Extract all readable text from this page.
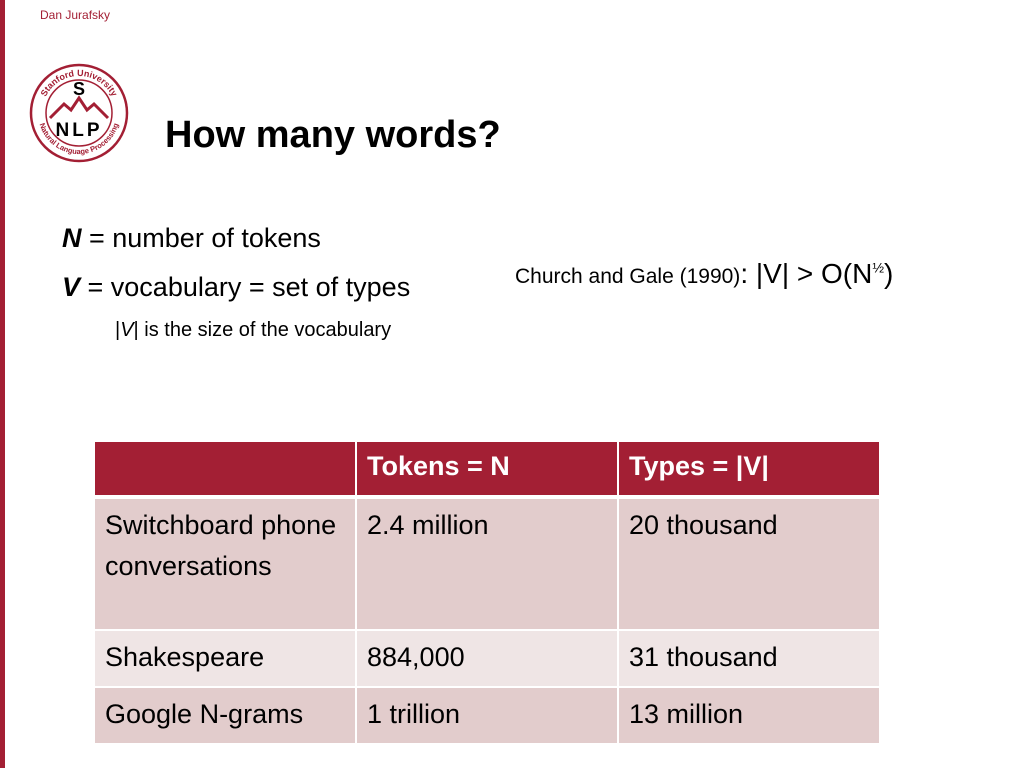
Dan Jurafsky
Stanford University
Natural Language Processing
S
NLP How many words?
N = number of tokens
V = vocabulary = set of types
|V| is the size of the vocabulary
Church and Gale (1990): $|V| > O(N^{\frac{1}{2}})$
	Tokens = N	Types = |V|
Switchboard phone conversations	2.4 million	20 thousand
Shakespeare	884,000	31 thousand
Google N-grams	1 trillion	13 million
